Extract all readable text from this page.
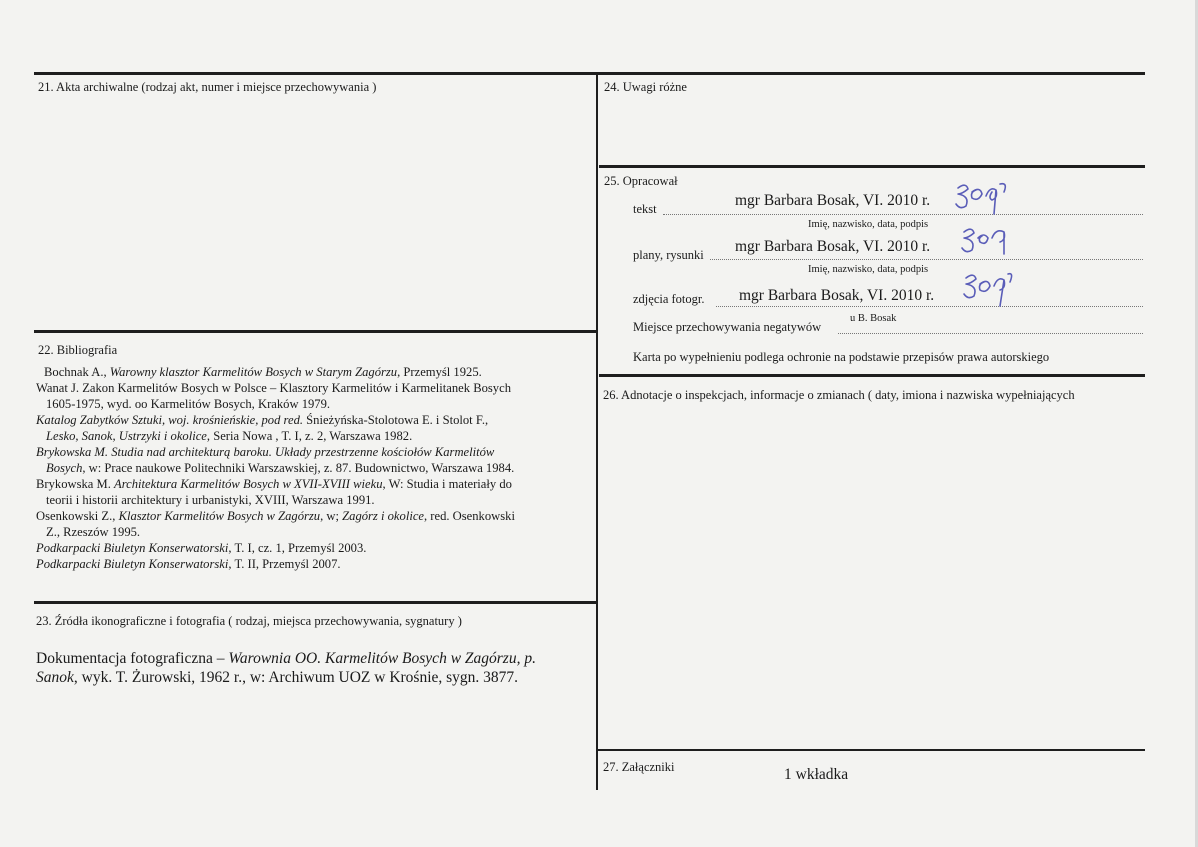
21. Akta archiwalne (rodzaj akt, numer i miejsce przechowywania )
22. Bibliografia
Bochnak A., Warowny klasztor Karmelitów Bosych w Starym Zagórzu, Przemyśl 1925.
Wanat J. Zakon Karmelitów Bosych w Polsce – Klasztory Karmelitów i Karmelitanek Bosych
1605-1975, wyd. oo Karmelitów Bosych, Kraków 1979.
Katalog Zabytków Sztuki, woj. krośnieńskie, pod red. Śnieżyńska-Stolotowa E. i Stolot F.,
Lesko, Sanok, Ustrzyki i okolice, Seria Nowa , T. I, z. 2, Warszawa 1982.
Brykowska M. Studia nad architekturą baroku. Układy przestrzenne kościołów Karmelitów
Bosych, w: Prace naukowe Politechniki Warszawskiej, z. 87. Budownictwo, Warszawa 1984.
Brykowska M. Architektura Karmelitów Bosych w XVII-XVIII wieku, W: Studia i materiały do
teorii i historii architektury i urbanistyki, XVIII, Warszawa 1991.
Osenkowski Z., Klasztor Karmelitów Bosych w Zagórzu, w; Zagórz i okolice, red. Osenkowski
Z., Rzeszów 1995.
Podkarpacki Biuletyn Konserwatorski, T. I, cz. 1, Przemyśl 2003.
Podkarpacki Biuletyn Konserwatorski, T. II, Przemyśl 2007.
23. Źródła ikonograficzne i fotografia ( rodzaj, miejsca przechowywania, sygnatury )
Dokumentacja fotograficzna – Warownia OO. Karmelitów Bosych w Zagórzu, p.
Sanok, wyk. T. Żurowski, 1962 r., w: Archiwum UOZ w Krośnie, sygn. 3877.
24. Uwagi różne
25. Opracował
tekst	mgr Barbara Bosak, VI. 2010 r.
Imię, nazwisko, data, podpis
plany, rysunki mgr Barbara Bosak, VI. 2010 r.
Imię, nazwisko, data, podpis
zdjęcia fotogr. mgr Barbara Bosak, VI. 2010 r.
Miejsce przechowywania negatywów
u B. Bosak
Karta po wypełnieniu podlega ochronie na podstawie przepisów prawa autorskiego
26. Adnotacje o inspekcjach, informacje o zmianach ( daty, imiona i nazwiska wypełniających
27. Załączniki	1 wkładka
